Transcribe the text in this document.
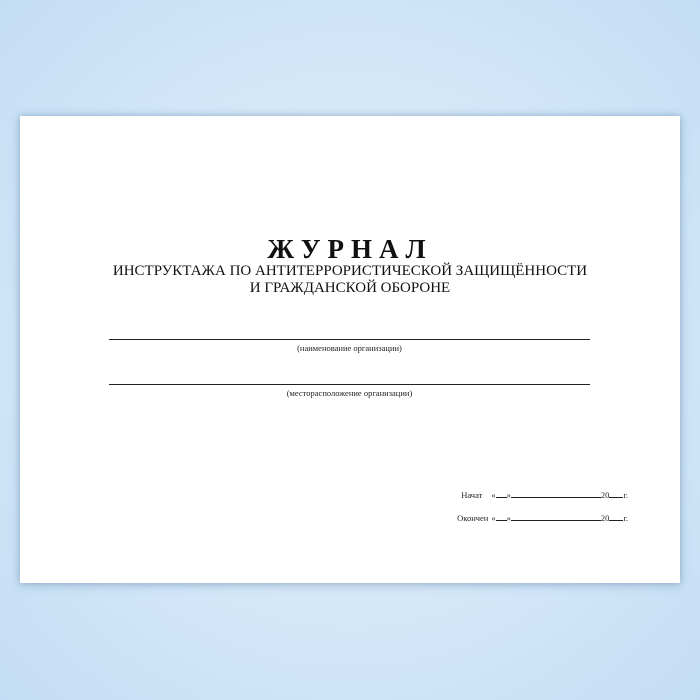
ЖУРНАЛ
ИНСТРУКТАЖА ПО АНТИТЕРРОРИСТИЧЕСКОЙ ЗАЩИЩЁННОСТИ
И ГРАЖДАНСКОЙ ОБОРОНЕ
(наименование организации)
(месторасположение организации)
Начат « »	20 г.
Окончен « »	20 г.
